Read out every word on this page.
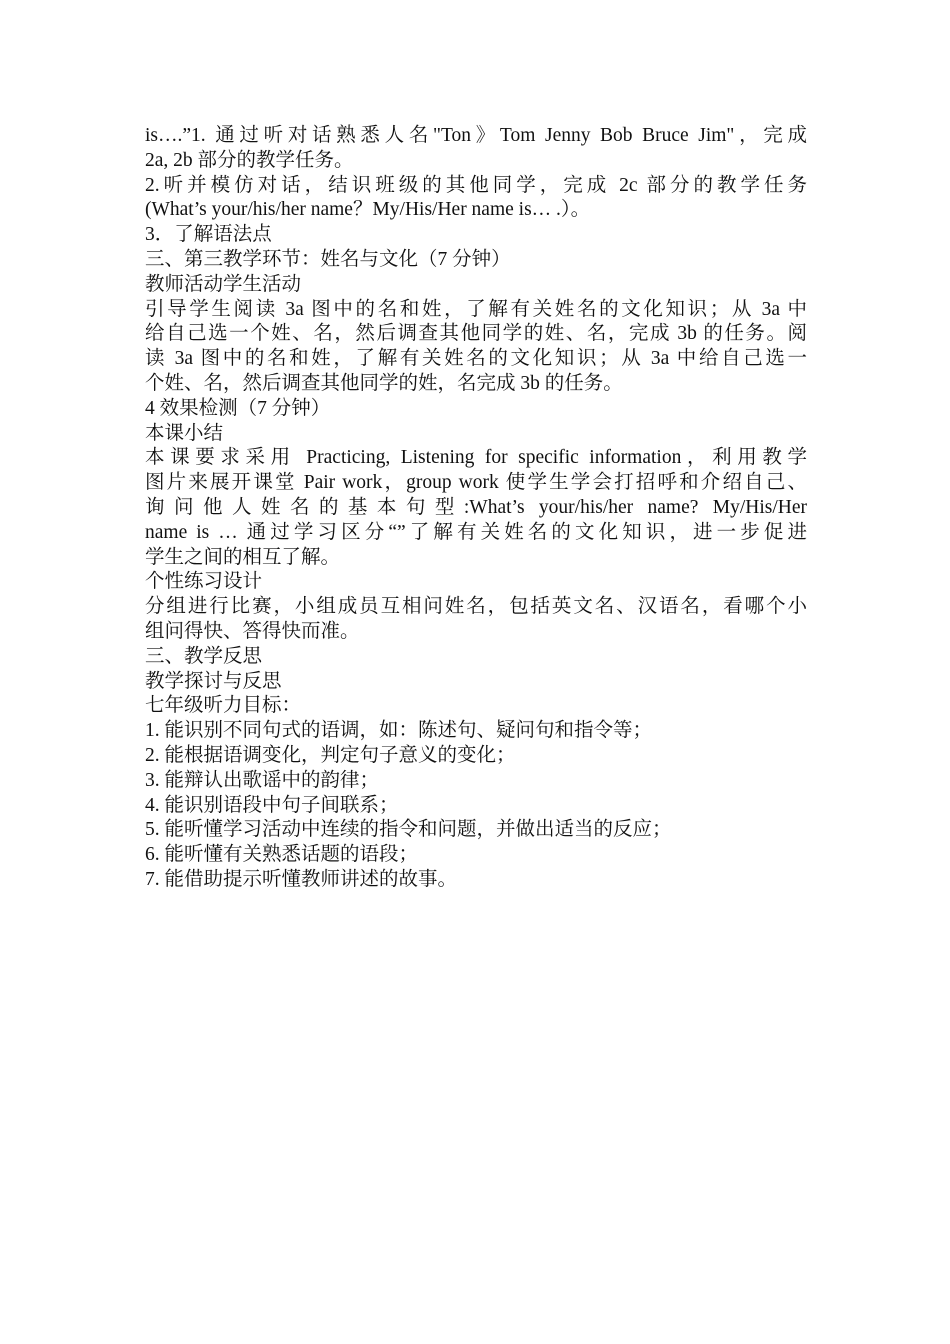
is….”1. 通过听对话熟悉人名"Ton》Tom Jenny Bob Bruce Jim"，完成
2a, 2b 部分的教学任务。
2.听并模仿对话，结识班级的其他同学，完成 2c 部分的教学任务
(What’s your/his/her name？My/His/Her name is… .）。
3．了解语法点
三、第三教学环节：姓名与文化（7 分钟）
教师活动学生活动
引导学生阅读 3a 图中的名和姓，了解有关姓名的文化知识；从 3a 中
给自己选一个姓、名，然后调查其他同学的姓、名，完成 3b 的任务。阅
读 3a 图中的名和姓，了解有关姓名的文化知识；从 3a 中给自己选一
个姓、名，然后调查其他同学的姓，名完成 3b 的任务。
4 效果检测（7 分钟）
本课小结
本课要求采用 Practicing, Listening for specific information，利用教学
图片来展开课堂 Pair work，group work 使学生学会打招呼和介绍自己、
询问他人姓名的基本句型:What’s your/his/her name? My/His/Her
name is … 通过学习区分“”了解有关姓名的文化知识，进一步促进
学生之间的相互了解。
个性练习设计
分组进行比赛，小组成员互相问姓名，包括英文名、汉语名，看哪个小
组问得快、答得快而准。
三、教学反思
教学探讨与反思
七年级听力目标：
1. 能识别不同句式的语调，如：陈述句、疑问句和指令等；
2. 能根据语调变化，判定句子意义的变化；
3. 能辩认出歌谣中的韵律；
4. 能识别语段中句子间联系；
5. 能听懂学习活动中连续的指令和问题，并做出适当的反应；
6. 能听懂有关熟悉话题的语段；
7. 能借助提示听懂教师讲述的故事。
